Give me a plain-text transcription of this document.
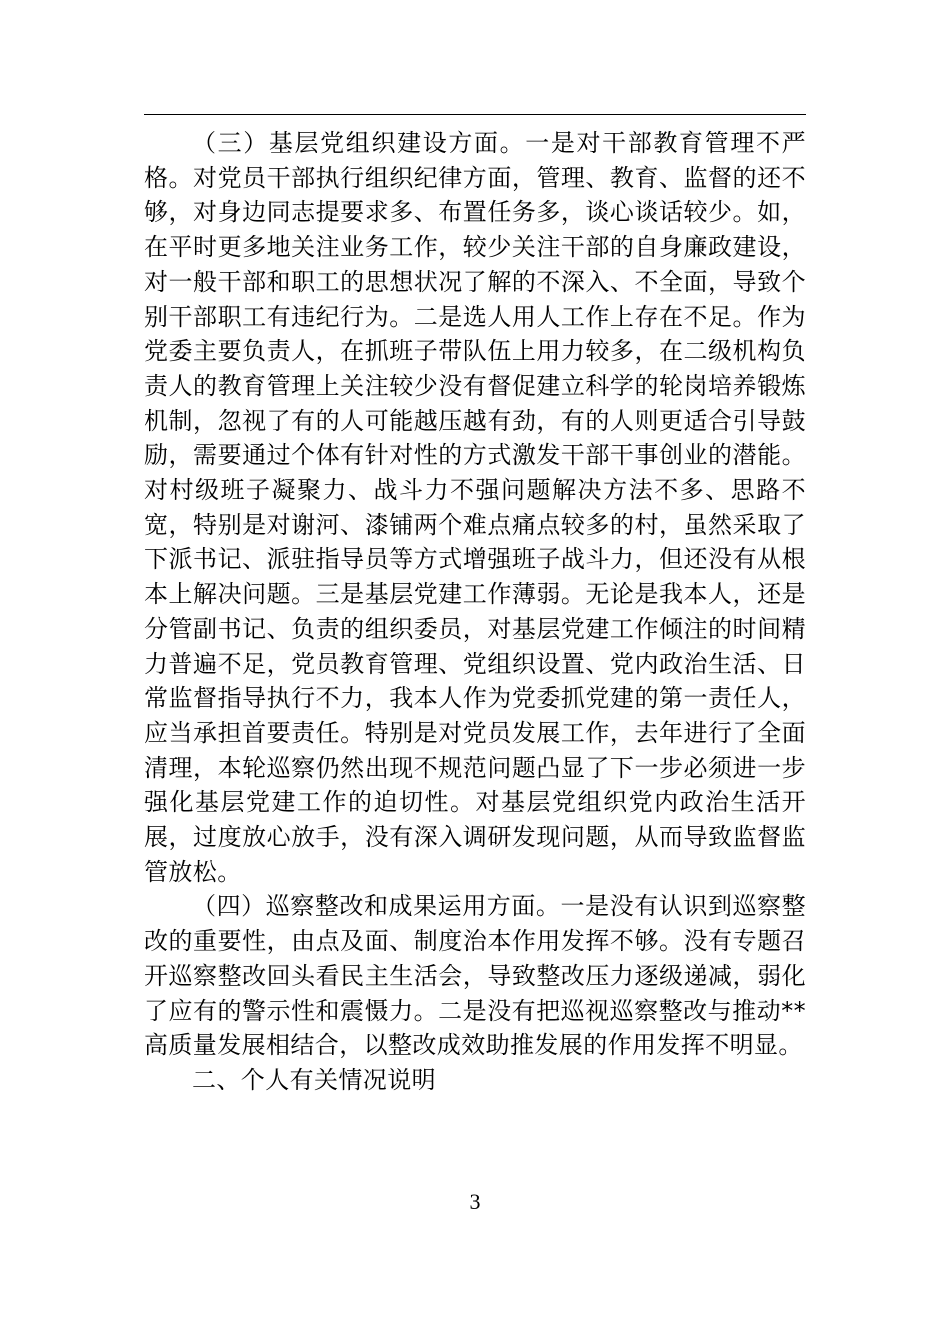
（三）基层党组织建设方面。一是对干部教育管理不严格。对党员干部执行组织纪律方面，管理、教育、监督的还不够，对身边同志提要求多、布置任务多，谈心谈话较少。如，在平时更多地关注业务工作，较少关注干部的自身廉政建设，对一般干部和职工的思想状况了解的不深入、不全面，导致个别干部职工有违纪行为。二是选人用人工作上存在不足。作为党委主要负责人，在抓班子带队伍上用力较多，在二级机构负责人的教育管理上关注较少没有督促建立科学的轮岗培养锻炼机制，忽视了有的人可能越压越有劲，有的人则更适合引导鼓励，需要通过个体有针对性的方式激发干部干事创业的潜能。对村级班子凝聚力、战斗力不强问题解决方法不多、思路不宽，特别是对谢河、漆铺两个难点痛点较多的村，虽然采取了下派书记、派驻指导员等方式增强班子战斗力，但还没有从根本上解决问题。三是基层党建工作薄弱。无论是我本人，还是分管副书记、负责的组织委员，对基层党建工作倾注的时间精力普遍不足，党员教育管理、党组织设置、党内政治生活、日常监督指导执行不力，我本人作为党委抓党建的第一责任人，应当承担首要责任。特别是对党员发展工作，去年进行了全面清理，本轮巡察仍然出现不规范问题凸显了下一步必须进一步强化基层党建工作的迫切性。对基层党组织党内政治生活开展，过度放心放手，没有深入调研发现问题，从而导致监督监管放松。

（四）巡察整改和成果运用方面。一是没有认识到巡察整改的重要性，由点及面、制度治本作用发挥不够。没有专题召开巡察整改回头看民主生活会，导致整改压力逐级递减，弱化了应有的警示性和震慑力。二是没有把巡视巡察整改与推动**高质量发展相结合，以整改成效助推发展的作用发挥不明显。

二、个人有关情况说明

3
